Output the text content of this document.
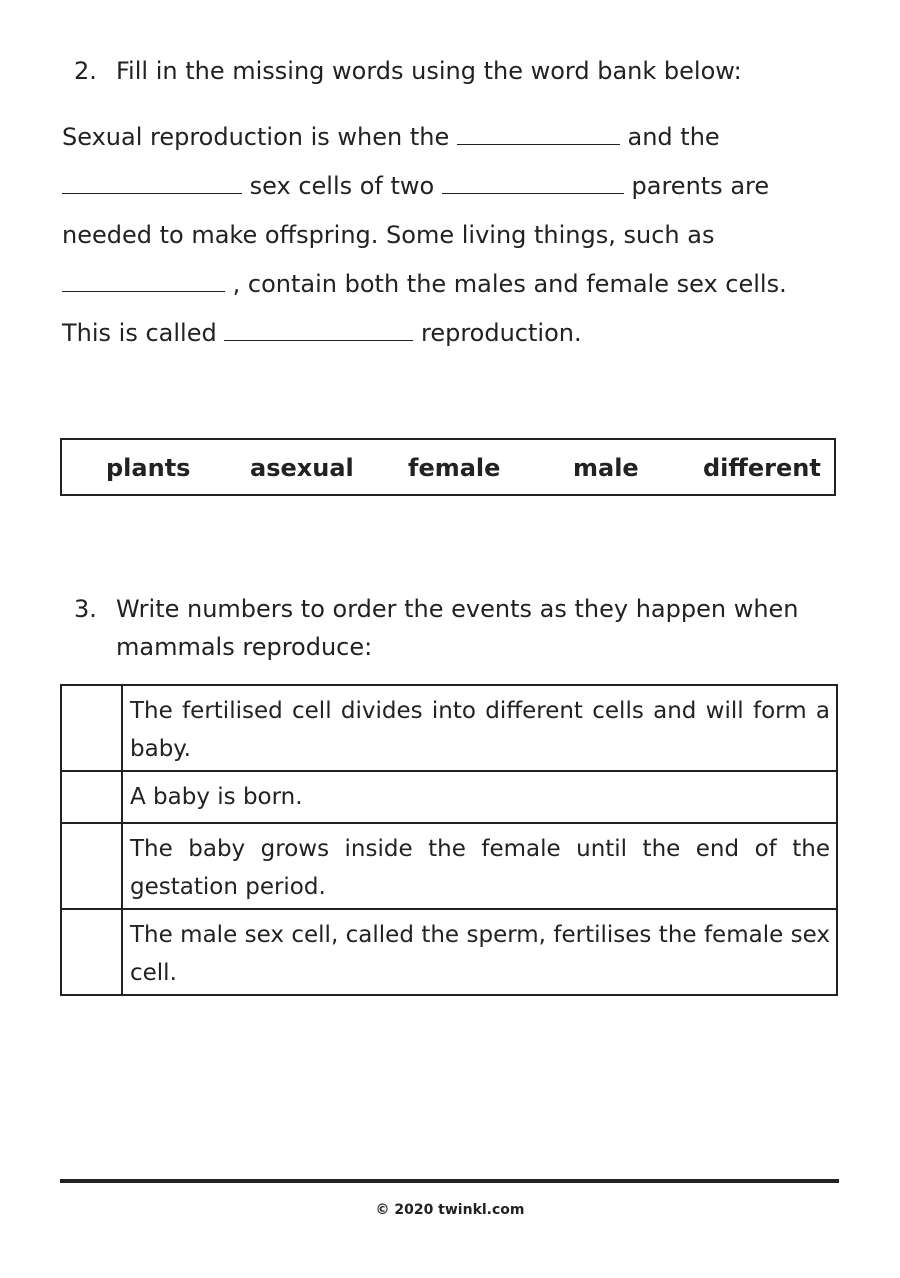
2. Fill in the missing words using the word bank below:
Sexual reproduction is when the	and the
sex cells of two	parents are
needed to make offspring. Some living things, such as
, contain both the males and female sex cells.
This is called	reproduction.
plants asexual female	male	different
3. Write numbers to order the events as they happen when
mammals reproduce:
	The fertilised cell divides into different cells and will form a baby.
	A baby is born.
	The baby grows inside the female until the end of the gestation period.
	The male sex cell, called the sperm, fertilises the female sex cell.
© 2020 twinkl.com
